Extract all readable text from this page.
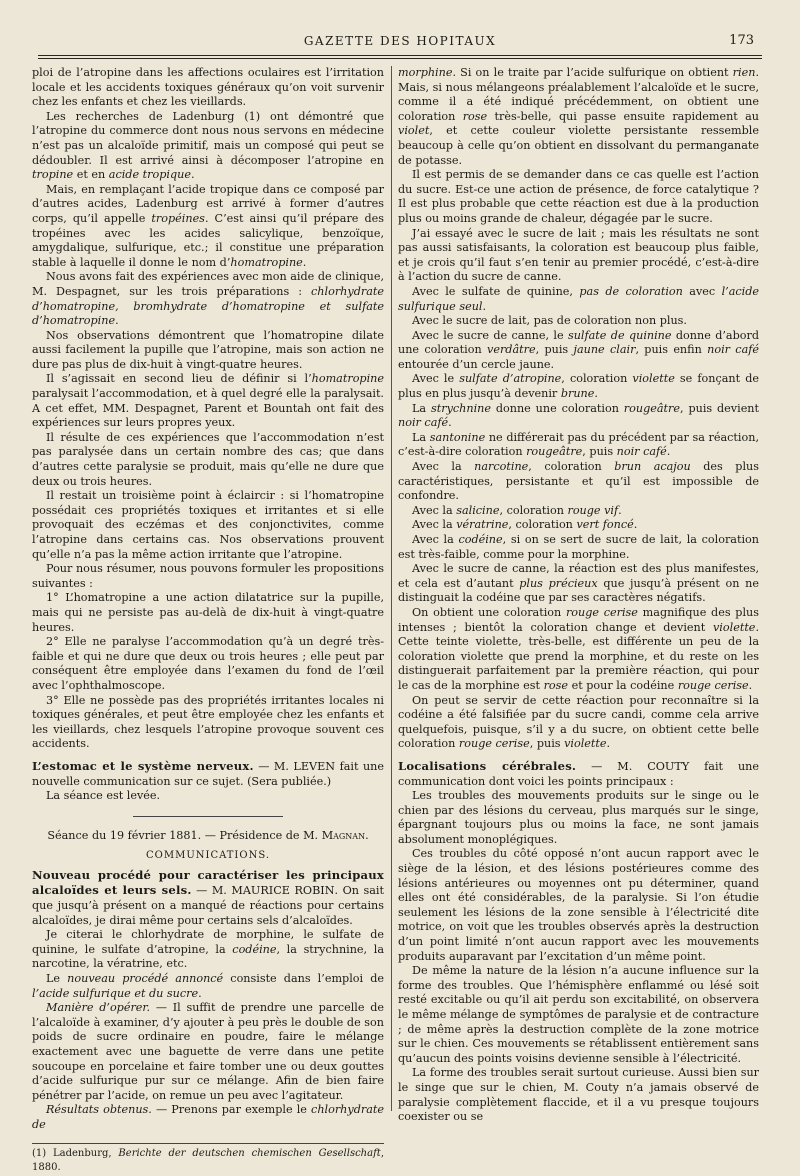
GAZETTE DES HOPITAUX	173

ploi de l’atropine dans les affections oculaires est l’irritation locale et les accidents toxiques généraux qu’on voit survenir chez les enfants et chez les vieillards.

Les recherches de Ladenburg (1) ont démontré que l’atropine du commerce dont nous nous servons en médecine n’est pas un alcaloïde primitif, mais un composé qui peut se dédoubler. Il est arrivé ainsi à décomposer l’atropine en tropine et en acide tropique.

Mais, en remplaçant l’acide tropique dans ce composé par d’autres acides, Ladenburg est arrivé à former d’autres corps, qu’il appelle tropéines. C’est ainsi qu’il prépare des tropéines avec les acides salicylique, benzoïque, amygdalique, sulfurique, etc.; il constitue une préparation stable à laquelle il donne le nom d’homatropine.

Nous avons fait des expériences avec mon aide de clinique, M. Despagnet, sur les trois préparations : chlorhydrate d’homatropine, bromhydrate d’homatropine et sulfate d’homatropine.

Nos observations démontrent que l’homatropine dilate aussi facilement la pupille que l’atropine, mais son action ne dure pas plus de dix-huit à vingt-quatre heures.

Il s’agissait en second lieu de définir si l’homatropine paralysait l’accommodation, et à quel degré elle la paralysait. A cet effet, MM. Despagnet, Parent et Bountah ont fait des expériences sur leurs propres yeux.

Il résulte de ces expériences que l’accommodation n’est pas paralysée dans un certain nombre des cas; que dans d’autres cette paralysie se produit, mais qu’elle ne dure que deux ou trois heures.

Il restait un troisième point à éclaircir : si l’homatropine possédait ces propriétés toxiques et irritantes et si elle provoquait des eczémas et des conjonctivites, comme l’atropine dans certains cas. Nos observations prouvent qu’elle n’a pas la même action irritante que l’atropine.

Pour nous résumer, nous pouvons formuler les propositions suivantes :

1° L’homatropine a une action dilatatrice sur la pupille, mais qui ne persiste pas au-delà de dix-huit à vingt-quatre heures.

2° Elle ne paralyse l’accommodation qu’à un degré très-faible et qui ne dure que deux ou trois heures ; elle peut par conséquent être employée dans l’examen du fond de l’œil avec l’ophthalmoscope.

3° Elle ne possède pas des propriétés irritantes locales ni toxiques générales, et peut être employée chez les enfants et les vieillards, chez lesquels l’atropine provoque souvent ces accidents.

L’estomac et le système nerveux. — M. LEVEN fait une nouvelle communication sur ce sujet. (Sera publiée.)

La séance est levée.

Séance du 19 février 1881. — Présidence de M. Magnan.

COMMUNICATIONS.

Nouveau procédé pour caractériser les principaux alcaloïdes et leurs sels. — M. MAURICE ROBIN. On sait que jusqu’à présent on a manqué de réactions pour certains alcaloïdes, je dirai même pour certains sels d’alcaloïdes.

Je citerai le chlorhydrate de morphine, le sulfate de quinine, le sulfate d’atropine, la codéine, la strychnine, la narcotine, la vératrine, etc.

Le nouveau procédé annoncé consiste dans l’emploi de l’acide sulfurique et du sucre.

Manière d’opérer. — Il suffit de prendre une parcelle de l’alcaloïde à examiner, d’y ajouter à peu près le double de son poids de sucre ordinaire en poudre, faire le mélange exactement avec une baguette de verre dans une petite soucoupe en porcelaine et faire tomber une ou deux gouttes d’acide sulfurique pur sur ce mélange. Afin de bien faire pénétrer par l’acide, on remue un peu avec l’agitateur.

Résultats obtenus. — Prenons par exemple le chlorhydrate de

(1) Ladenburg, Berichte der deutschen chemischen Gesellschaft, 1880.

morphine. Si on le traite par l’acide sulfurique on obtient rien. Mais, si nous mélangeons préalablement l’alcaloïde et le sucre, comme il a été indiqué précédemment, on obtient une coloration rose très-belle, qui passe ensuite rapidement au violet, et cette couleur violette persistante ressemble beaucoup à celle qu’on obtient en dissolvant du permanganate de potasse.

Il est permis de se demander dans ce cas quelle est l’action du sucre. Est-ce une action de présence, de force catalytique ? Il est plus probable que cette réaction est due à la production plus ou moins grande de chaleur, dégagée par le sucre.

J’ai essayé avec le sucre de lait ; mais les résultats ne sont pas aussi satisfaisants, la coloration est beaucoup plus faible, et je crois qu’il faut s’en tenir au premier procédé, c’est-à-dire à l’action du sucre de canne.

Avec le sulfate de quinine, pas de coloration avec l’acide sulfurique seul.

Avec le sucre de lait, pas de coloration non plus.

Avec le sucre de canne, le sulfate de quinine donne d’abord une coloration verdâtre, puis jaune clair, puis enfin noir café entourée d’un cercle jaune.

Avec le sulfate d’atropine, coloration violette se fonçant de plus en plus jusqu’à devenir brune.

La strychnine donne une coloration rougeâtre, puis devient noir café.

La santonine ne différerait pas du précédent par sa réaction, c’est-à-dire coloration rougeâtre, puis noir café.

Avec la narcotine, coloration brun acajou des plus caractéristiques, persistante et qu’il est impossible de confondre.

Avec la salicine, coloration rouge vif.

Avec la vératrine, coloration vert foncé.

Avec la codéine, si on se sert de sucre de lait, la coloration est très-faible, comme pour la morphine.

Avec le sucre de canne, la réaction est des plus manifestes, et cela est d’autant plus précieux que jusqu’à présent on ne distinguait la codéine que par ses caractères négatifs.

On obtient une coloration rouge cerise magnifique des plus intenses ; bientôt la coloration change et devient violette. Cette teinte violette, très-belle, est différente un peu de la coloration violette que prend la morphine, et du reste on les distinguerait parfaitement par la première réaction, qui pour le cas de la morphine est rose et pour la codéine rouge cerise.

On peut se servir de cette réaction pour reconnaître si la codéine a été falsifiée par du sucre candi, comme cela arrive quelquefois, puisque, s’il y a du sucre, on obtient cette belle coloration rouge cerise, puis violette.

Localisations cérébrales. — M. COUTY fait une communication dont voici les points principaux :

Les troubles des mouvements produits sur le singe ou le chien par des lésions du cerveau, plus marqués sur le singe, épargnant toujours plus ou moins la face, ne sont jamais absolument monoplégiques.

Ces troubles du côté opposé n’ont aucun rapport avec le siège de la lésion, et des lésions postérieures comme des lésions antérieures ou moyennes ont pu déterminer, quand elles ont été considérables, de la paralysie. Si l’on étudie seulement les lésions de la zone sensible à l’électricité dite motrice, on voit que les troubles observés après la destruction d’un point limité n’ont aucun rapport avec les mouvements produits auparavant par l’excitation d’un même point.

De même la nature de la lésion n’a aucune influence sur la forme des troubles. Que l’hémisphère enflammé ou lésé soit resté excitable ou qu’il ait perdu son excitabilité, on observera le même mélange de symptômes de paralysie et de contracture ; de même après la destruction complète de la zone motrice sur le chien. Ces mouvements se rétablissent entièrement sans qu’aucun des points voisins devienne sensible à l’électricité.

La forme des troubles serait surtout curieuse. Aussi bien sur le singe que sur le chien, M. Couty n’a jamais observé de paralysie complètement flaccide, et il a vu presque toujours coexister ou se
